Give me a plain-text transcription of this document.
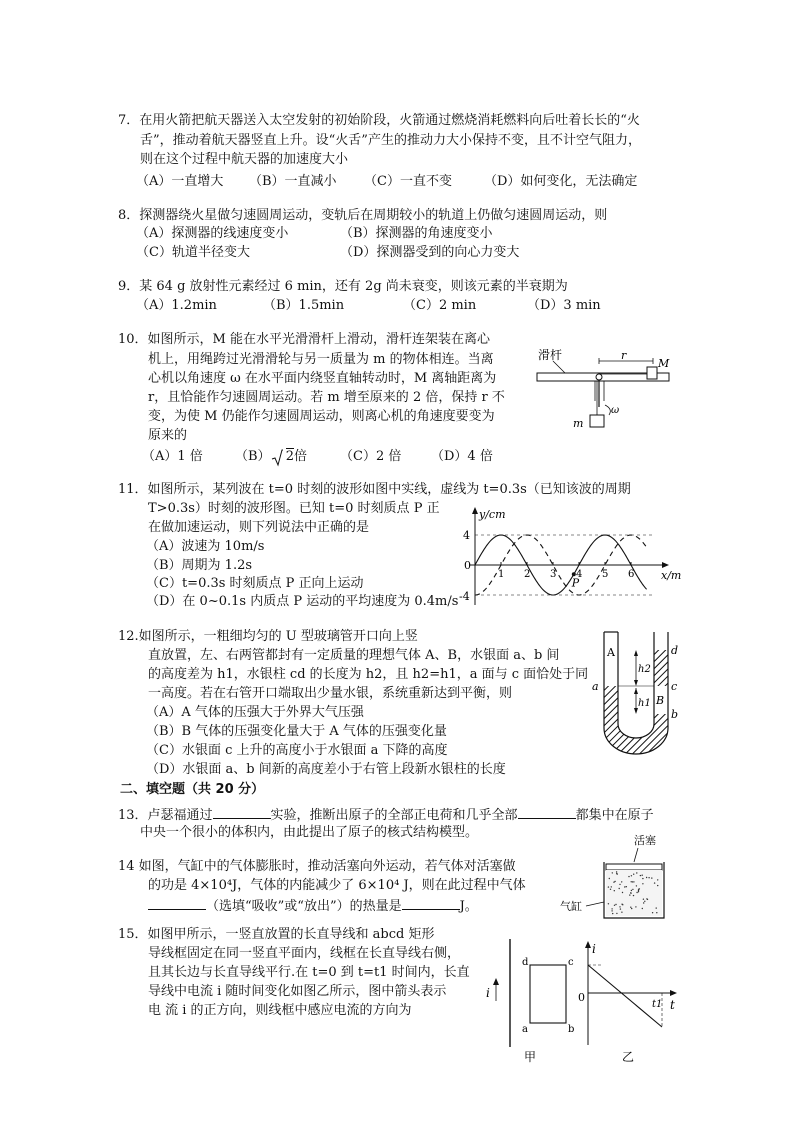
7．在用火箭把航天器送入太空发射的初始阶段，火箭通过燃烧消耗燃料向后吐着长长的“火
舌”，推动着航天器竖直上升。设“火舌”产生的推动力大小保持不变，且不计空气阻力，
则在这个过程中航天器的加速度大小
（A）一直增大 （B）一直减小 （C）一直不变 （D）如何变化，无法确定
8．探测器绕火星做匀速圆周运动，变轨后在周期较小的轨道上仍做匀速圆周运动，则
（A）探测器的线速度变小	（B）探测器的角速度变小
（C）轨道半径变大	（D）探测器受到的向心力变大
9．某 64 g 放射性元素经过 6 min，还有 2g 尚未衰变，则该元素的半衰期为
（A）1.2min	（B）1.5min	（C）2 min	（D）3 min
10．如图所示，M 能在水平光滑滑杆上滑动，滑杆连架装在离心
机上，用绳跨过光滑滑轮与另一质量为 m 的物体相连。当离
心机以角速度 ω 在水平面内绕竖直轴转动时，M 离轴距离为
r，且恰能作匀速圆周运动。若 m 增至原来的 2 倍，保持 r 不
变，为使 M 仍能作匀速圆周运动，则离心机的角速度要变为
原来的
（A）1 倍 （B） 2倍	（C）2 倍 （D）4 倍
滑杆
M
r
m
ω
11．如图所示，某列波在 t=0 时刻的波形如图中实线，虚线为 t=0.3s（已知该波的周期
T>0.3s）时刻的波形图。已知 t=0 时刻质点 P 正
在做加速运动，则下列说法中正确的是
（A）波速为 10m/s
（B）周期为 1.2s
（C）t=0.3s 时刻质点 P 正向上运动
（D）在 0~0.1s 内质点 P 运动的平均速度为 0.4m/s
y/cm
x/m
4
-4
0
1 2 3 4 5 6
P
12.如图所示，一粗细均匀的 U 型玻璃管开口向上竖
直放置，左、右两管都封有一定质量的理想气体 A、B，水银面 a、b 间
的高度差为 h1，水银柱 cd 的长度为 h2，且 h2=h1，a 面与 c 面恰处于同
一高度。若在右管开口端取出少量水银，系统重新达到平衡，则
（A）A 气体的压强大于外界大气压强
（B）B 气体的压强变化量大于 A 气体的压强变化量
（C）水银面 c 上升的高度小于水银面 a 下降的高度
（D）水银面 a、b 间新的高度差小于右管上段新水银柱的长度
A
B
a
b
c
d
h2
h1
二、填空题（共 20 分）
13．卢瑟福通过	实验，推断出原子的全部正电荷和几乎全部	都集中在原子
中央一个很小的体积内，由此提出了原子的核式结构模型。
14 如图，气缸中的气体膨胀时，推动活塞向外运动，若气体对活塞做
的功是 4×10⁴J，气体的内能减少了 6×10⁴ J，则在此过程中气体
（选填“吸收”或“放出”）的热量是	J。
活塞
气缸
15．如图甲所示，一竖直放置的长直导线和 abcd 矩形
导线框固定在同一竖直平面内，线框在长直导线右侧，
且其长边与长直导线平行.在 t=0 到 t=t1 时间内，长直
导线中电流 i 随时间变化如图乙所示，图中箭头表示
电 流 i 的正方向，则线框中感应电流的方向为
i
d	c
a	b
甲
i
t
0
t1
乙
